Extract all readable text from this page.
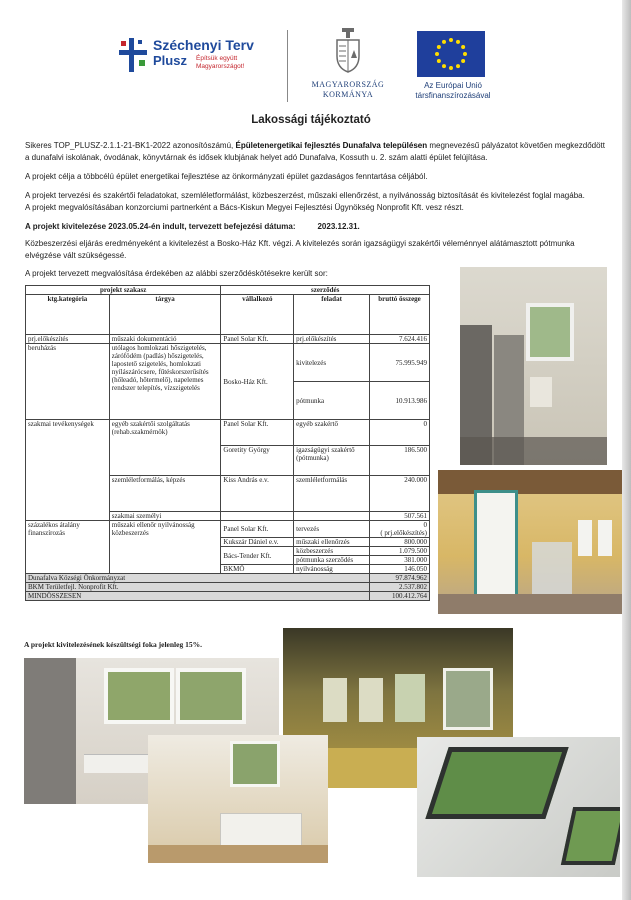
Széchenyi Terv
Plusz Építsük együtt Magyarországot!
MAGYARORSZÁG KORMÁNYA
Az Európai Unió társfinanszírozásával
Lakossági tájékoztató

Sikeres TOP_PLUSZ-2.1.1-21-BK1-2022 azonosítószámú, Épületenergetikai fejlesztés Dunafalva településen megnevezésű pályázatot követően megkezdődött a dunafalvi iskolának, óvodának, könyvtárnak és idősek klubjának helyet adó Dunafalva, Kossuth u. 2. szám alatti épület felújítása.

A projekt célja a többcélú épület energetikai fejlesztése az önkormányzati épület gazdaságos fenntartása céljából.

A projekt tervezési és szakértői feladatokat, szemléletformálást, közbeszerzést, műszaki ellenőrzést, a nyilvánosság biztosítását és kivitelezést foglal magába.

A projekt megvalósításában konzorciumi partnerként a Bács-Kiskun Megyei Fejlesztési Ügynökség Nonprofit Kft. vesz részt.

A projekt kivitelezése 2023.05.24-én indult, tervezett befejezési dátuma:	2023.12.31.

Közbeszerzési eljárás eredményeként a kivitelezést a Bosko-Ház Kft. végzi. A kivitelezés során igazságügyi szakértői véleménnyel alátámasztott pótmunka elvégzése vált szükségessé.

A projekt tervezett megvalósítása érdekében az alábbi szerződéskötésekre került sor:

projekt szakasz		szerződés		
ktg.kategória	tárgya	vállalkozó	feladat	bruttó összege
prj.előkészítés	műszaki dokumentáció	Panel Solar Kft.	prj.előkészítés	7.624.416
beruházás	utólagos homlokzati hőszigetelés, zárófödém (padlás) hőszigetelés, lapostető szigetelés, homlokzati nyílászárócsere, fűtéskorszerűsítés (hőleadó, hőtermelő), napelemes rendszer telepítés, vízszigetelés	Bosko-Ház Kft.	kivitelezés	75.995.949
			pótmunka	10.913.986
szakmai tevékenységek	egyéb szakértői szolgáltatás (rehab.szakmérnök)	Panel Solar Kft.	egyéb szakértő	0
		Goretity György	igazságügyi szakértő (pótmunka)	186.500
	szemléletformálás, képzés	Kiss András e.v.	szemléletformálás	240.000
	szakmai személyi			507.561
százalékos átalány finanszírozás	műszaki ellenőr nyilvánosság közbeszerzés	Panel Solar Kft.	tervezés	0
( prj.előkészítés)
		Kukszár Dániel e.v.	műszaki ellenőrzés	800.000
		Bács-Tender Kft.	közbeszerzés	1.079.500
			pótmunka szerződés	381.000
		BKMÖ	nyilvánosság	146.050
Dunafalva Községi Önkormányzat				97.874.962
BKM Területfejl. Nonprofit Kft.				2.537.802
MINDÖSSZESEN				100.412.764
A projekt kivitelezésének készültségi foka jelenleg 15%.
